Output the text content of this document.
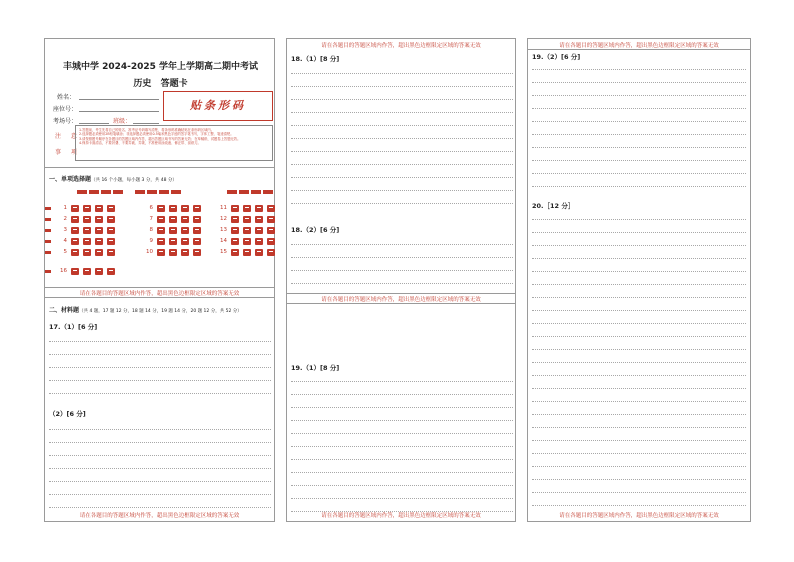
丰城中学 2024-2025 学年上学期高二期中考试
历史 答题卡
姓名：
座位号：
考场号：	班级：
贴条形码
注 意
事 项
1.答题前，考生先将自己的姓名、准考证号码填写清楚，将条形码准确粘贴在条形码区域内。
2.选择题必须使用2B铅笔填涂；非选择题必须使用0.5毫米黑色字迹的签字笔书写，字体工整、笔迹清楚。
3.请按照题号顺序在各题目的答题区域内作答，超出答题区域书写的答案无效；在草稿纸、试题卷上答题无效。
4.保持卡面清洁，不要折叠、不要弄破、弄皱，不准使用涂改液、修正带、刮纸刀。
一、单项选择题（共 16 个小题，每小题 3 分，共 48 分）
请在各题目的答题区域内作答，超出黑色边框限定区域的答案无效
二、材料题（共 4 题，17 题 12 分，18 题 14 分，19 题 14 分，20 题 12 分，共 52 分）
17.（1）[6 分]
（2）[6 分]
请在各题目的答题区域内作答，超出黑色边框限定区域的答案无效
1
2
3
4
5
6
7
8
9
10
11
12
13
14
15
16
请在各题目的答题区域内作答，超出黑色边框限定区域的答案无效
18.（1）[8 分]
18.（2）[6 分]
请在各题目的答题区域内作答，超出黑色边框限定区域的答案无效
19.（1）[8 分]
请在各题目的答题区域内作答，超出黑色边框限定区域的答案无效
请在各题目的答题区域内作答，超出黑色边框限定区域的答案无效
19.（2）[6 分]
20.［12 分］
请在各题目的答题区域内作答，超出黑色边框限定区域的答案无效
